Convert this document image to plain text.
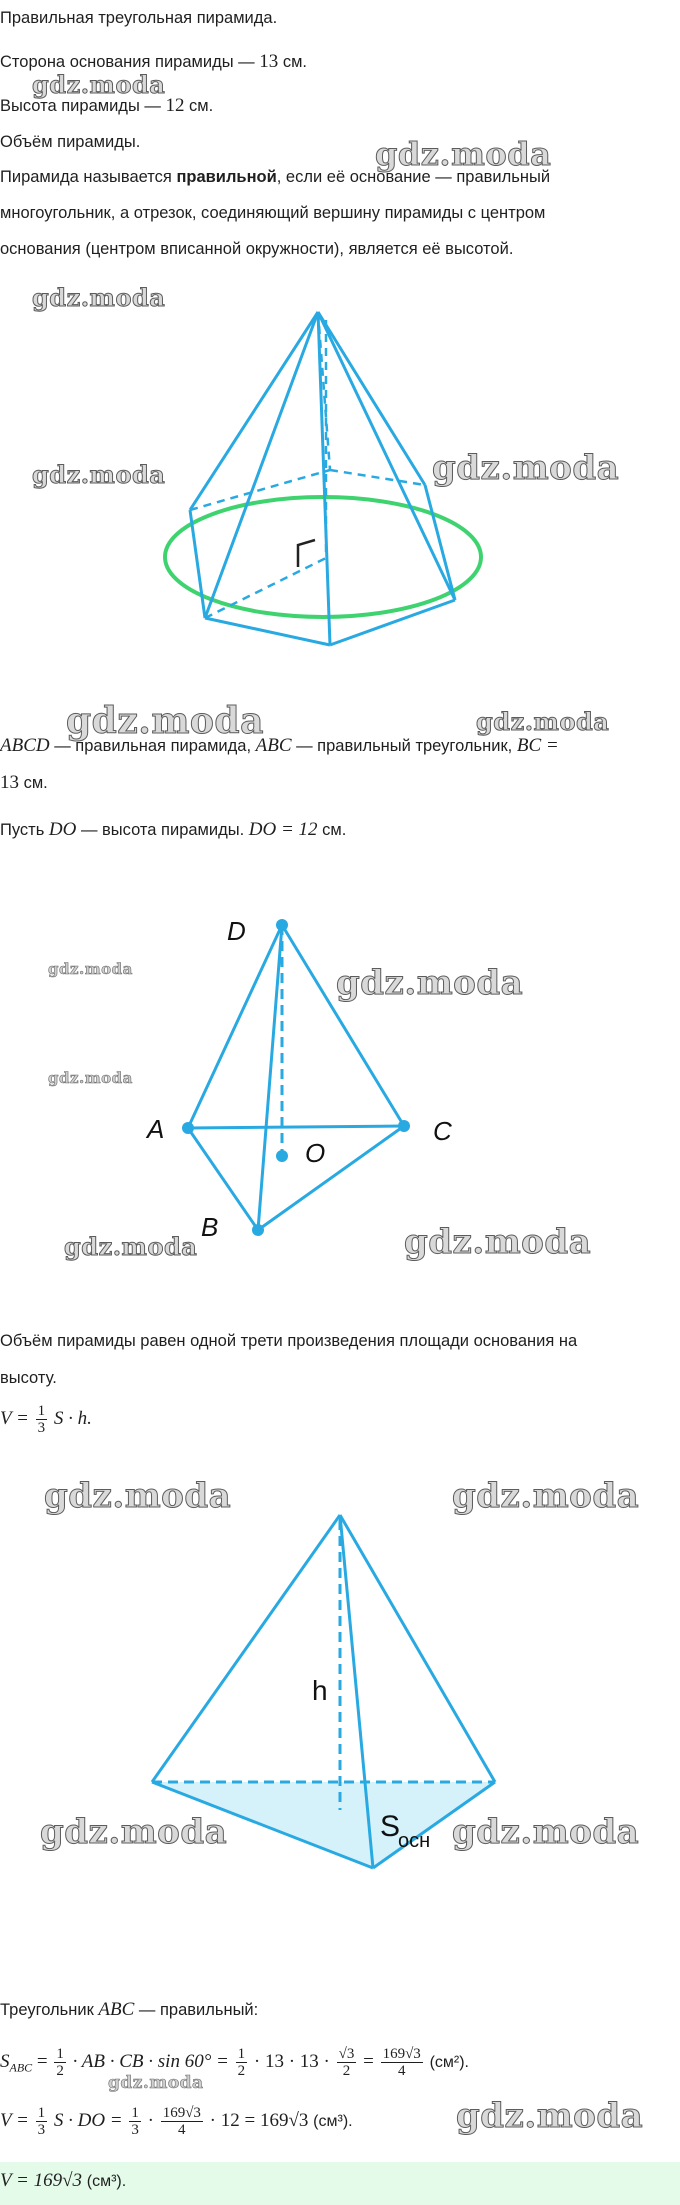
Правильная треугольная пирамида.
Сторона основания пирамиды — 13 см.
Высота пирамиды — 12 см.
Объём пирамиды.
Пирамида называется правильной, если её основание — правильный
многоугольник, а отрезок, соединяющий вершину пирамиды с центром
основания (центром вписанной окружности), является её высотой.
ABCD — правильная пирамида, ABC — правильный треугольник, BC =
13 см.
Пусть DO — высота пирамиды. DO = 12 см.
D
A
B
C
O
Объём пирамиды равен одной трети произведения площади основания на
высоту.
$V = \frac{1}{3}$ S · h.
h
S
осн
Треугольник ABC — правильный:
$S_{ABC} = \frac{1}{2}$ · AB · CB · $\sin 60^\circ = \frac{1}{2} \cdot 13 \cdot 13 \cdot \frac{√3}{2} = \frac{169√3}{4} (см^2)$.
$V = \frac{1}{3}$ S · DO = $\frac{1}{3} \cdot \frac{169√3}{4} \cdot 12 = 169√3$ (см³).
V = 169√3 (см³).
gdz.moda
gdz.moda
gdz.moda
gdz.moda	gdz.moda
gdz.moda	gdz.moda
gdz.moda	gdz.moda
gdz.moda
gdz.moda	gdz.moda
gdz.moda	gdz.moda
gdz.moda	gdz.moda
gdz.moda
gdz.moda
